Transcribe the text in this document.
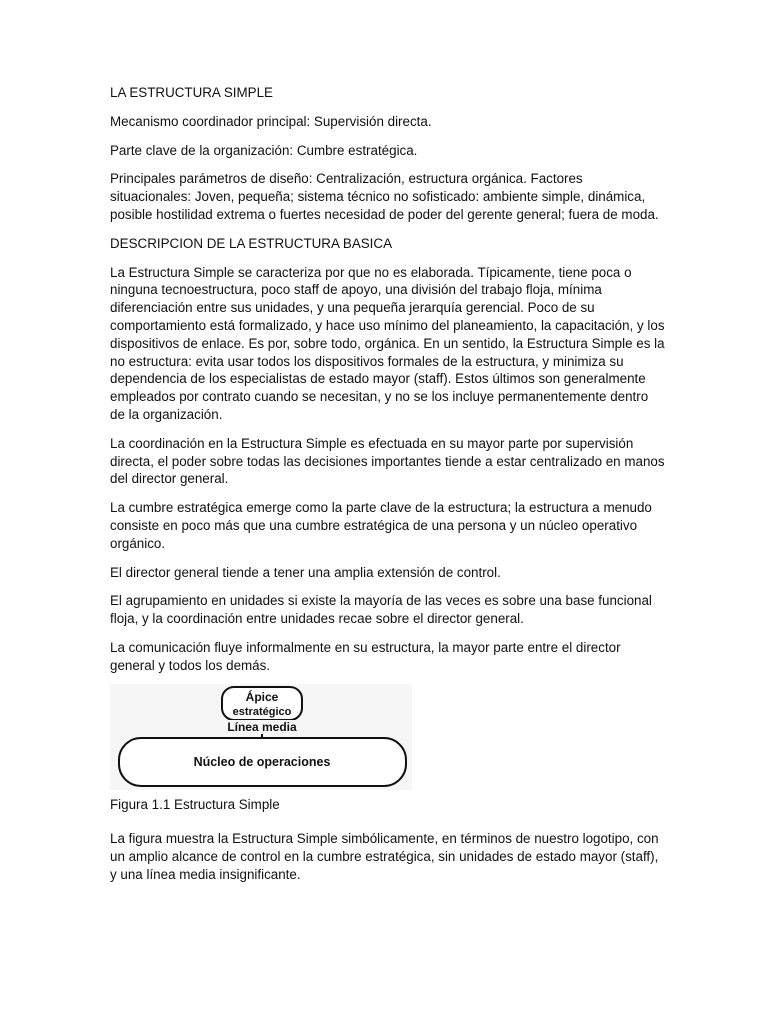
LA ESTRUCTURA SIMPLE

Mecanismo coordinador principal: Supervisión directa.

Parte clave de la organización: Cumbre estratégica.

Principales parámetros de diseño: Centralización, estructura orgánica. Factores situacionales: Joven, pequeña; sistema técnico no sofisticado: ambiente simple, dinámica, posible hostilidad extrema o fuertes necesidad de poder del gerente general; fuera de moda.

DESCRIPCION DE LA ESTRUCTURA BASICA

La Estructura Simple se caracteriza por que no es elaborada. Típicamente, tiene poca o ninguna tecnoestructura, poco staff de apoyo, una división del trabajo floja, mínima diferenciación entre sus unidades, y una pequeña jerarquía gerencial. Poco de su comportamiento está formalizado, y hace uso mínimo del planeamiento, la capacitación, y los dispositivos de enlace. Es por, sobre todo, orgánica. En un sentido, la Estructura Simple es la no estructura: evita usar todos los dispositivos formales de la estructura, y minimiza su dependencia de los especialistas de estado mayor (staff). Estos últimos son generalmente empleados por contrato cuando se necesitan, y no se los incluye permanentemente dentro de la organización.

La coordinación en la Estructura Simple es efectuada en su mayor parte por supervisión directa, el poder sobre todas las decisiones importantes tiende a estar centralizado en manos del director general.

La cumbre estratégica emerge como la parte clave de la estructura; la estructura a menudo consiste en poco más que una cumbre estratégica de una persona y un núcleo operativo orgánico.

El director general tiende a tener una amplia extensión de control.

El agrupamiento en unidades si existe la mayoría de las veces es sobre una base funcional floja, y la coordinación entre unidades recae sobre el director general.

La comunicación fluye informalmente en su estructura, la mayor parte entre el director general y todos los demás.

Ápice
estratégico
Línea media
Núcleo de operaciones

Figura 1.1 Estructura Simple

La figura muestra la Estructura Simple simbólicamente, en términos de nuestro logotipo, con un amplio alcance de control en la cumbre estratégica, sin unidades de estado mayor (staff), y una línea media insignificante.
